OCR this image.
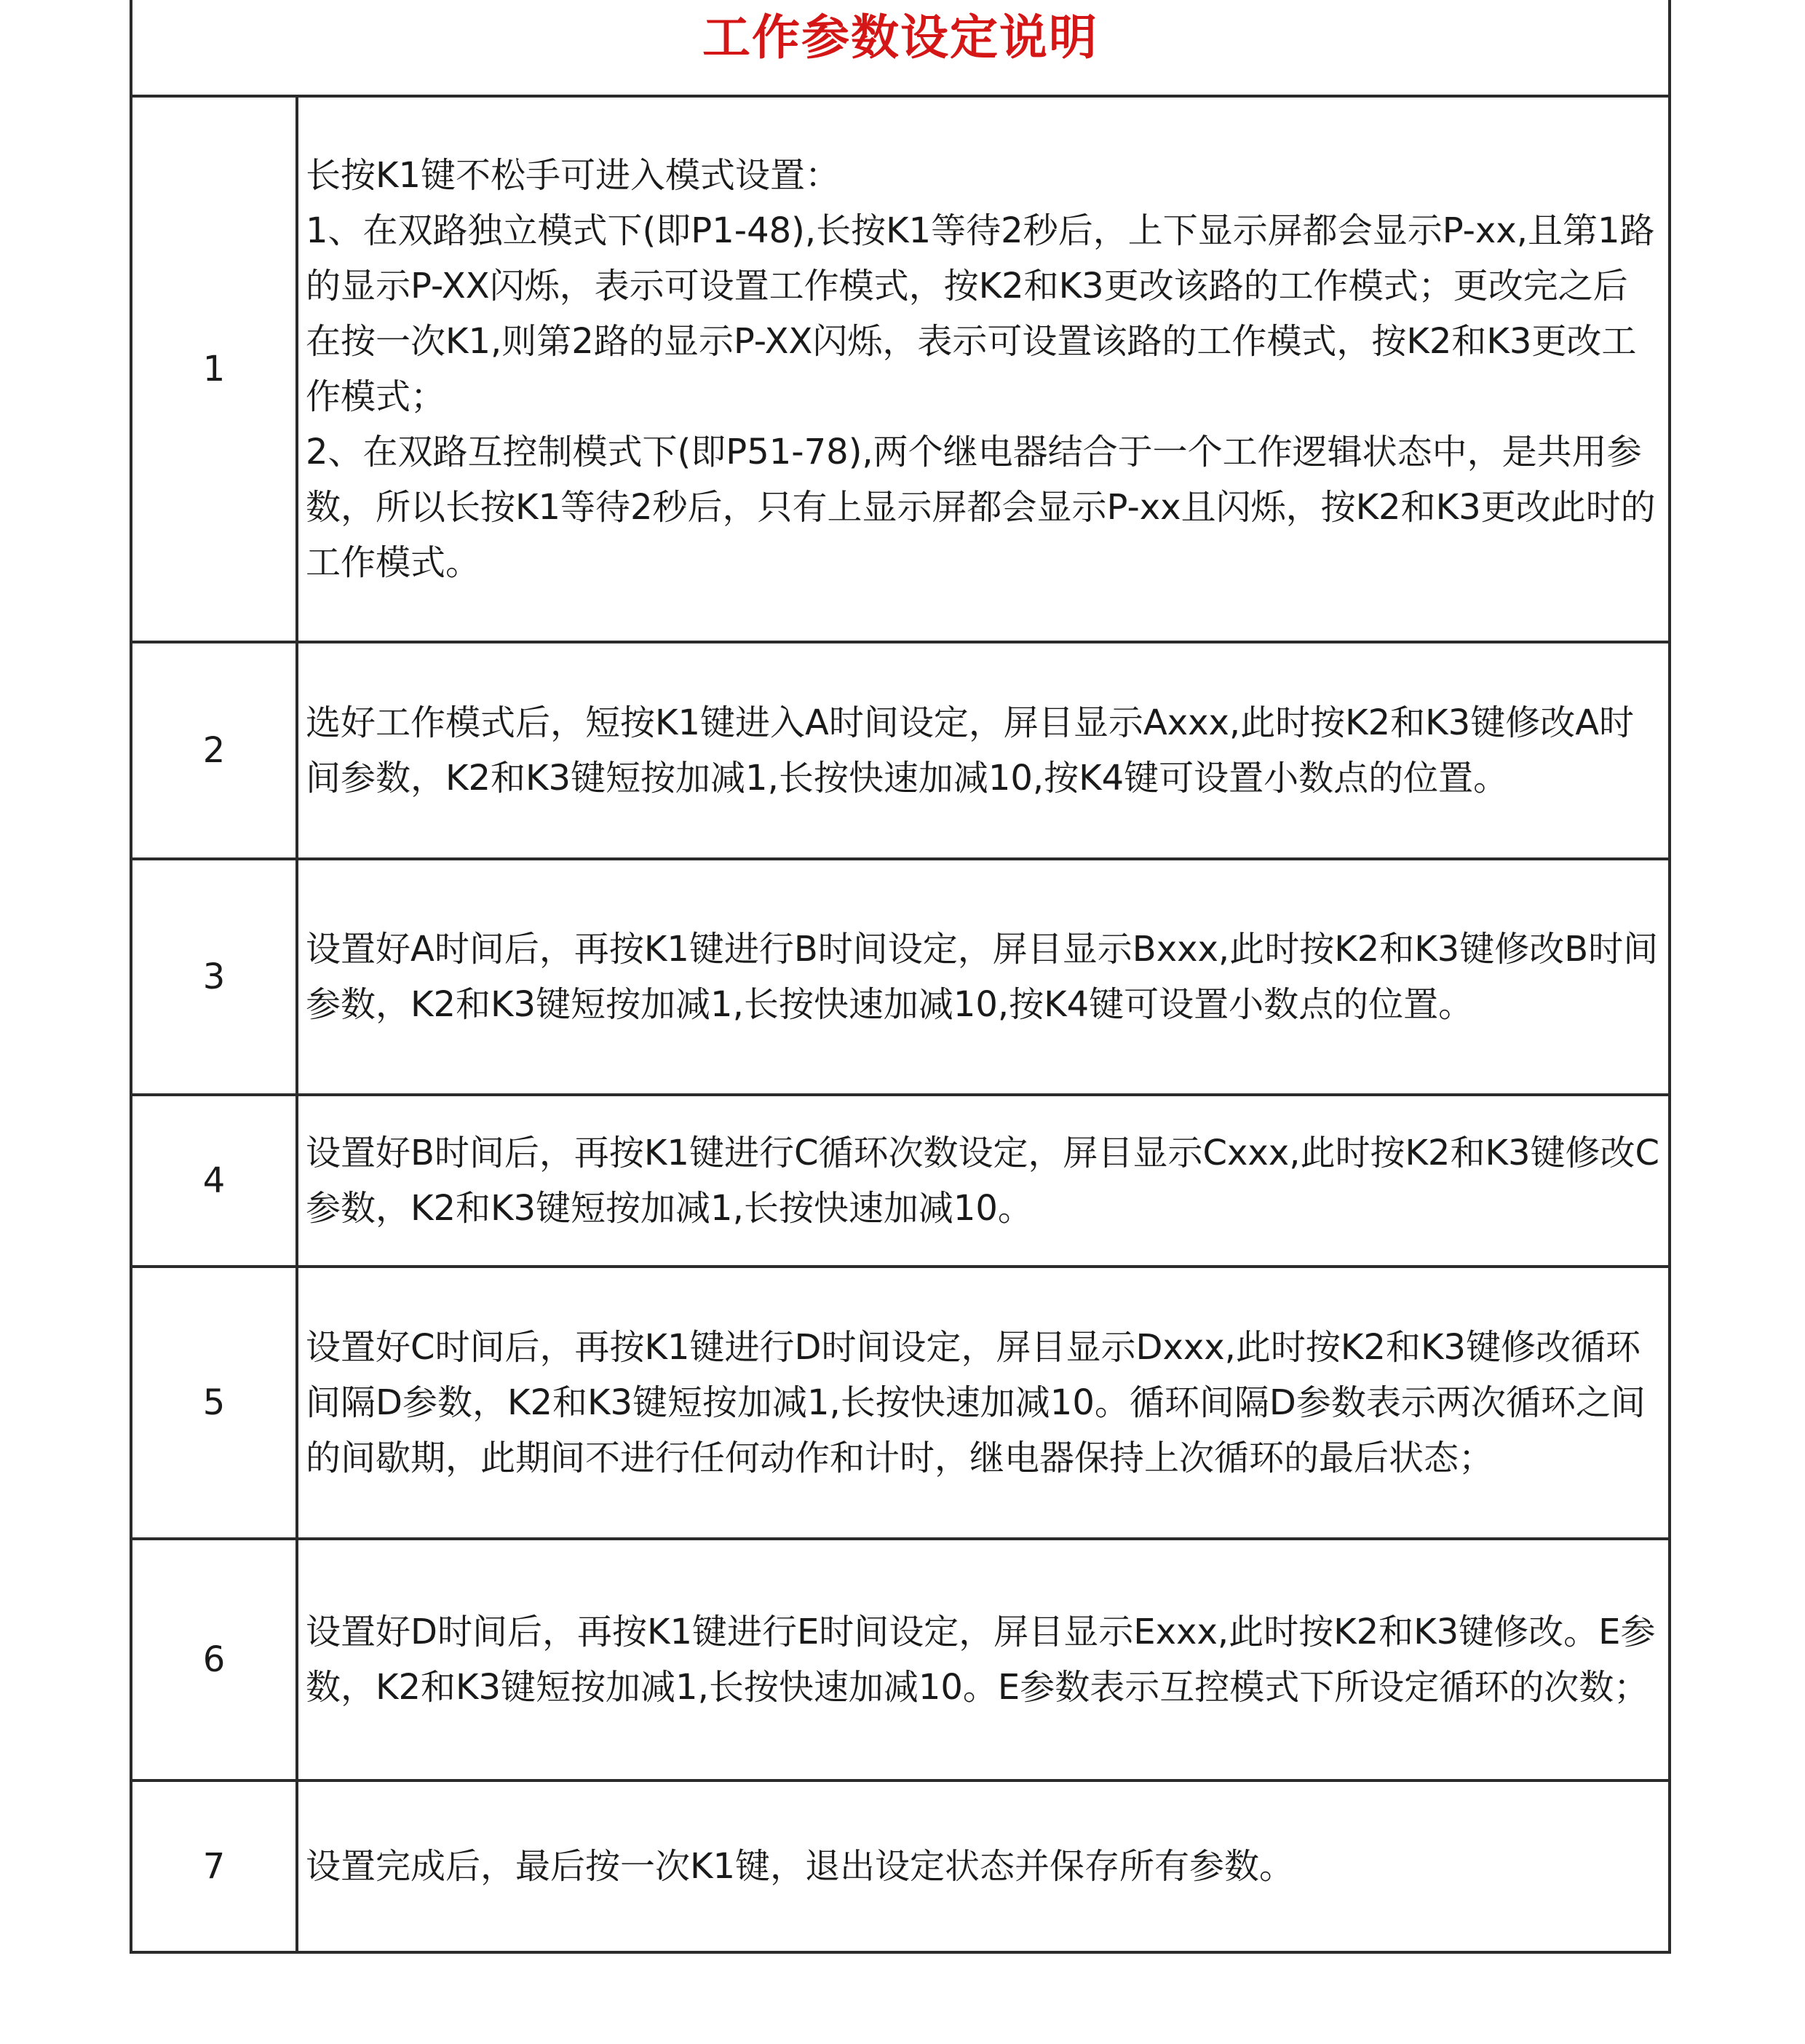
工作参数设定说明
1

长按K1键不松手可进入模式设置：

1、在双路独立模式下(即P1-48),长按K1等待2秒后，上下显示屏都会显示P-xx,且第1路的显示P-XX闪烁，表示可设置工作模式，按K2和K3更改该路的工作模式；更改完之后在按一次K1,则第2路的显示P-XX闪烁，表示可设置该路的工作模式，按K2和K3更改工作模式；

2、在双路互控制模式下(即P51-78),两个继电器结合于一个工作逻辑状态中，是共用参数，所以长按K1等待2秒后，只有上显示屏都会显示P-xx且闪烁，按K2和K3更改此时的工作模式。

2

选好工作模式后，短按K1键进入A时间设定，屏目显示Axxx,此时按K2和K3键修改A时间参数，K2和K3键短按加减1,长按快速加减10,按K4键可设置小数点的位置。

3

设置好A时间后，再按K1键进行B时间设定，屏目显示Bxxx,此时按K2和K3键修改B时间参数，K2和K3键短按加减1,长按快速加减10,按K4键可设置小数点的位置。

4

设置好B时间后，再按K1键进行C循环次数设定，屏目显示Cxxx,此时按K2和K3键修改C参数，K2和K3键短按加减1,长按快速加减10。

5

设置好C时间后，再按K1键进行D时间设定，屏目显示Dxxx,此时按K2和K3键修改循环间隔D参数，K2和K3键短按加减1,长按快速加减10。循环间隔D参数表示两次循环之间的间歇期，此期间不进行任何动作和计时，继电器保持上次循环的最后状态；

6

设置好D时间后，再按K1键进行E时间设定，屏目显示Exxx,此时按K2和K3键修改。E参数，K2和K3键短按加减1,长按快速加减10。E参数表示互控模式下所设定循环的次数；

7	设置完成后，最后按一次K1键，退出设定状态并保存所有参数。
